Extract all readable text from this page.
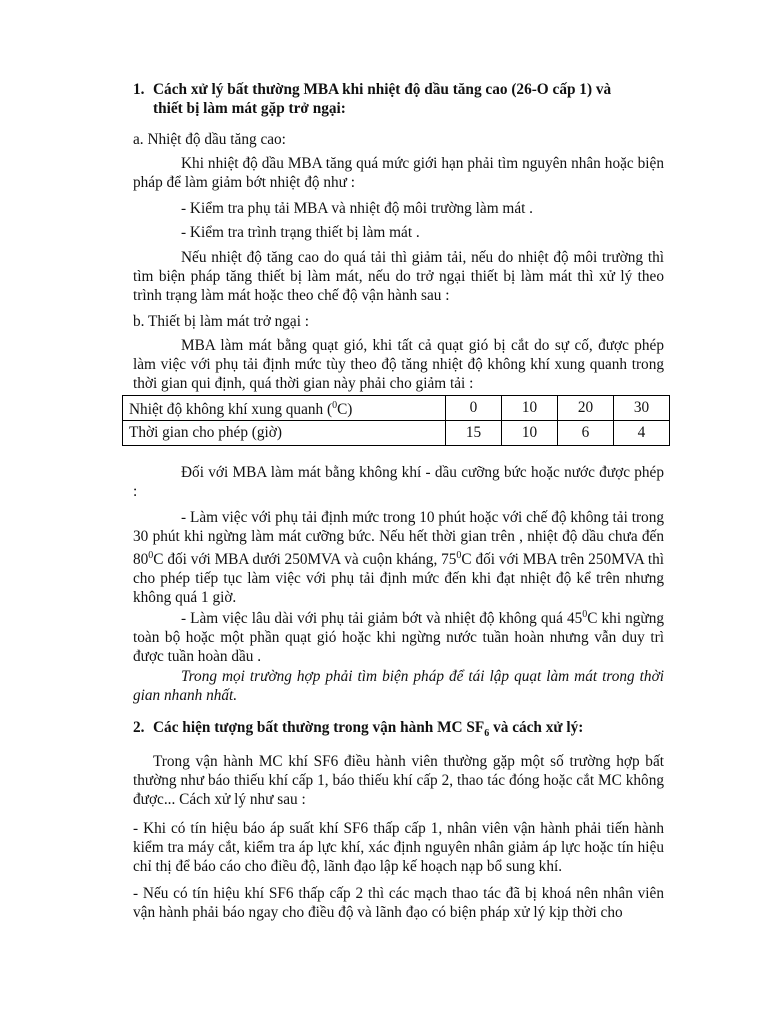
1. Cách xử lý bất thường MBA khi nhiệt độ dầu tăng cao (26-O cấp 1) và
thiết bị làm mát gặp trở ngại:

a. Nhiệt độ dầu tăng cao:

Khi nhiệt độ dầu MBA tăng quá mức giới hạn phải tìm nguyên nhân hoặc biện pháp để làm giảm bớt nhiệt độ như :

- Kiểm tra phụ tải MBA và nhiệt độ môi trường làm mát .

- Kiểm tra trình trạng thiết bị làm mát .

Nếu nhiệt độ tăng cao do quá tải thì giảm tải, nếu do nhiệt độ môi trường thì tìm biện pháp tăng thiết bị làm mát, nếu do trở ngại thiết bị làm mát thì xử lý theo trình trạng làm mát hoặc theo chế độ vận hành sau :

b. Thiết bị làm mát trở ngại :

MBA làm mát bằng quạt gió, khi tất cả quạt gió bị cắt do sự cố, được phép làm việc với phụ tải định mức tùy theo độ tăng nhiệt độ không khí xung quanh trong thời gian qui định, quá thời gian này phải cho giảm tải :

Nhiệt độ không khí xung quanh ($^0$C)	0	10	20	30
Thời gian cho phép (giờ)	15	10	6	4

Đối với MBA làm mát bằng không khí - dầu cưỡng bức hoặc nước được phép :

- Làm việc với phụ tải định mức trong 10 phút hoặc với chế độ không tải trong 30 phút khi ngừng làm mát cưỡng bức. Nếu hết thời gian trên , nhiệt độ dầu chưa đến $80^0C$ đối với MBA dưới 250MVA và cuộn kháng, $75^0C$ đối với MBA trên 250MVA thì cho phép tiếp tục làm việc với phụ tải định mức đến khi đạt nhiệt độ kể trên nhưng không quá 1 giờ.

- Làm việc lâu dài với phụ tải giảm bớt và nhiệt độ không quá $45^0C$ khi ngừng toàn bộ hoặc một phần quạt gió hoặc khi ngừng nước tuần hoàn nhưng vẫn duy trì được tuần hoàn dầu .

Trong mọi trường hợp phải tìm biện pháp để tái lập quạt làm mát trong thời gian nhanh nhất.

2. Các hiện tượng bất thường trong vận hành MC $SF_6$ và cách xử lý:

Trong vận hành MC khí SF6 điều hành viên thường gặp một số trường hợp bất thường như báo thiếu khí cấp 1, báo thiếu khí cấp 2, thao tác đóng hoặc cắt MC không được... Cách xử lý như sau :

- Khi có tín hiệu báo áp suất khí SF6 thấp cấp 1, nhân viên vận hành phải tiến hành kiểm tra máy cắt, kiểm tra áp lực khí, xác định nguyên nhân giảm áp lực hoặc tín hiệu chỉ thị để báo cáo cho điều độ, lãnh đạo lập kế hoạch nạp bổ sung khí.

- Nếu có tín hiệu khí SF6 thấp cấp 2 thì các mạch thao tác đã bị khoá nên nhân viên vận hành phải báo ngay cho điều độ và lãnh đạo có biện pháp xử lý kịp thời cho
